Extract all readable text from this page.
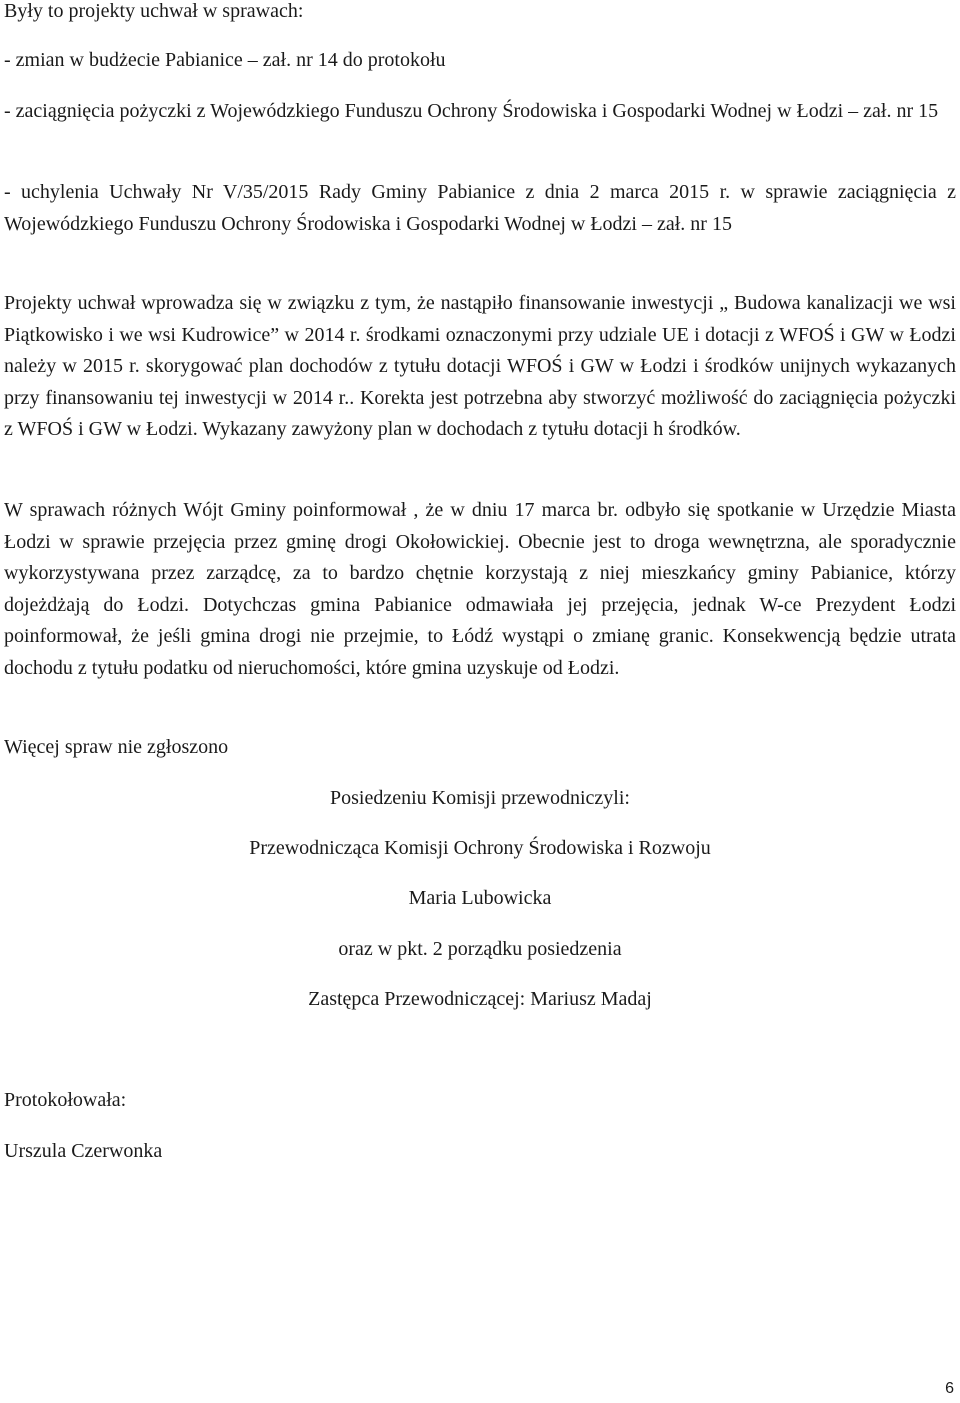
Były to projekty uchwał w sprawach:

- zmian w budżecie Pabianice – zał. nr 14 do protokołu

- zaciągnięcia pożyczki z Wojewódzkiego Funduszu Ochrony Środowiska i Gospodarki Wodnej w Łodzi – zał. nr 15

- uchylenia Uchwały Nr V/35/2015 Rady Gminy Pabianice z dnia 2 marca 2015 r. w sprawie zaciągnięcia z Wojewódzkiego Funduszu Ochrony Środowiska i Gospodarki Wodnej w Łodzi – zał. nr 15

Projekty uchwał wprowadza się w związku z tym, że nastąpiło finansowanie inwestycji „ Budowa kanalizacji we wsi Piątkowisko i we wsi Kudrowice” w 2014 r. środkami oznaczonymi przy udziale UE i dotacji z WFOŚ i GW w Łodzi należy w 2015 r. skorygować plan dochodów z tytułu dotacji WFOŚ i GW w Łodzi i środków unijnych wykazanych przy finansowaniu tej inwestycji w 2014 r.. Korekta jest potrzebna aby stworzyć możliwość do zaciągnięcia pożyczki z WFOŚ i GW w Łodzi. Wykazany zawyżony plan w dochodach z tytułu dotacji h środków.

W sprawach różnych Wójt Gminy poinformował , że w dniu 17 marca br. odbyło się spotkanie w Urzędzie Miasta Łodzi w sprawie przejęcia przez gminę drogi Okołowickiej. Obecnie jest to droga wewnętrzna, ale sporadycznie wykorzystywana przez zarządcę, za to bardzo chętnie korzystają z niej mieszkańcy gminy Pabianice, którzy dojeżdżają do Łodzi. Dotychczas gmina Pabianice odmawiała jej przejęcia, jednak W-ce Prezydent Łodzi poinformował, że jeśli gmina drogi nie przejmie, to Łódź wystąpi o zmianę granic. Konsekwencją będzie utrata dochodu z tytułu podatku od nieruchomości, które gmina uzyskuje od Łodzi.

Więcej spraw nie zgłoszono

Posiedzeniu Komisji przewodniczyli:

Przewodnicząca Komisji Ochrony Środowiska i Rozwoju

Maria Lubowicka

oraz w pkt. 2 porządku posiedzenia

Zastępca Przewodniczącej: Mariusz Madaj

Protokołowała:

Urszula Czerwonka

6
